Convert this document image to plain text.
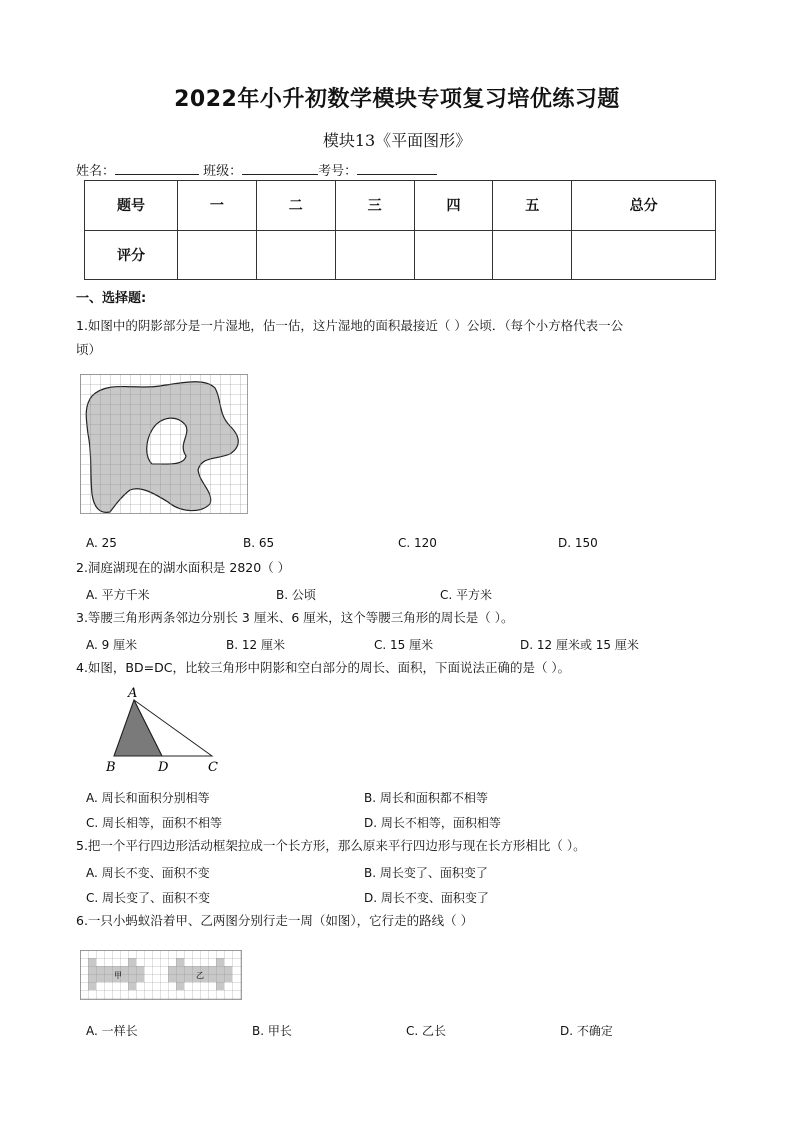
2022年小升初数学模块专项复习培优练习题
模块13《平面图形》
姓名：	班级：	考号：
题号	一	二	三	四	五	总分
评分						
一、选择题:
1.如图中的阴影部分是一片湿地，估一估，这片湿地的面积最接近（ ）公顷．（每个小方格代表一公
顷）
A. 25	B. 65	C. 120	D. 150
2.洞庭湖现在的湖水面积是 2820（ ）
A. 平方千米	B. 公顷	C. 平方米
3.等腰三角形两条邻边分别长 3 厘米、6 厘米，这个等腰三角形的周长是（ ）。
A. 9 厘米	B. 12 厘米	C. 15 厘米	D. 12 厘米或 15 厘米
4.如图，BD=DC，比较三角形中阴影和空白部分的周长、面积，下面说法正确的是（ ）。
A
B	D	C
A. 周长和面积分别相等	B. 周长和面积都不相等
C. 周长相等，面积不相等	D. 周长不相等，面积相等
5.把一个平行四边形活动框架拉成一个长方形，那么原来平行四边形与现在长方形相比（ ）。
A. 周长不变、面积不变	B. 周长变了、面积变了
C. 周长变了、面积不变	D. 周长不变、面积变了
6.一只小蚂蚁沿着甲、乙两图分别行走一周（如图），它行走的路线（ ）
甲	乙
A. 一样长	B. 甲长	C. 乙长	D. 不确定
